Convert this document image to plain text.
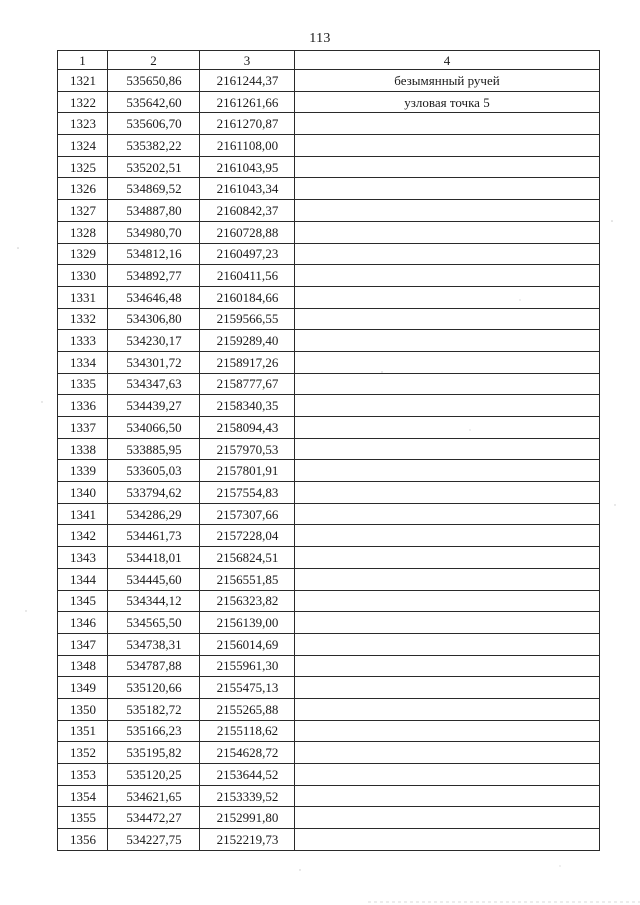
113
1	2	3	4
1321	535650,86	2161244,37	безымянный ручей
1322	535642,60	2161261,66	узловая точка 5
1323	535606,70	2161270,87	
1324	535382,22	2161108,00	
1325	535202,51	2161043,95	
1326	534869,52	2161043,34	
1327	534887,80	2160842,37	
1328	534980,70	2160728,88	
1329	534812,16	2160497,23	
1330	534892,77	2160411,56	
1331	534646,48	2160184,66	
1332	534306,80	2159566,55	
1333	534230,17	2159289,40	
1334	534301,72	2158917,26	
1335	534347,63	2158777,67	
1336	534439,27	2158340,35	
1337	534066,50	2158094,43	
1338	533885,95	2157970,53	
1339	533605,03	2157801,91	
1340	533794,62	2157554,83	
1341	534286,29	2157307,66	
1342	534461,73	2157228,04	
1343	534418,01	2156824,51	
1344	534445,60	2156551,85	
1345	534344,12	2156323,82	
1346	534565,50	2156139,00	
1347	534738,31	2156014,69	
1348	534787,88	2155961,30	
1349	535120,66	2155475,13	
1350	535182,72	2155265,88	
1351	535166,23	2155118,62	
1352	535195,82	2154628,72	
1353	535120,25	2153644,52	
1354	534621,65	2153339,52	
1355	534472,27	2152991,80	
1356	534227,75	2152219,73	
